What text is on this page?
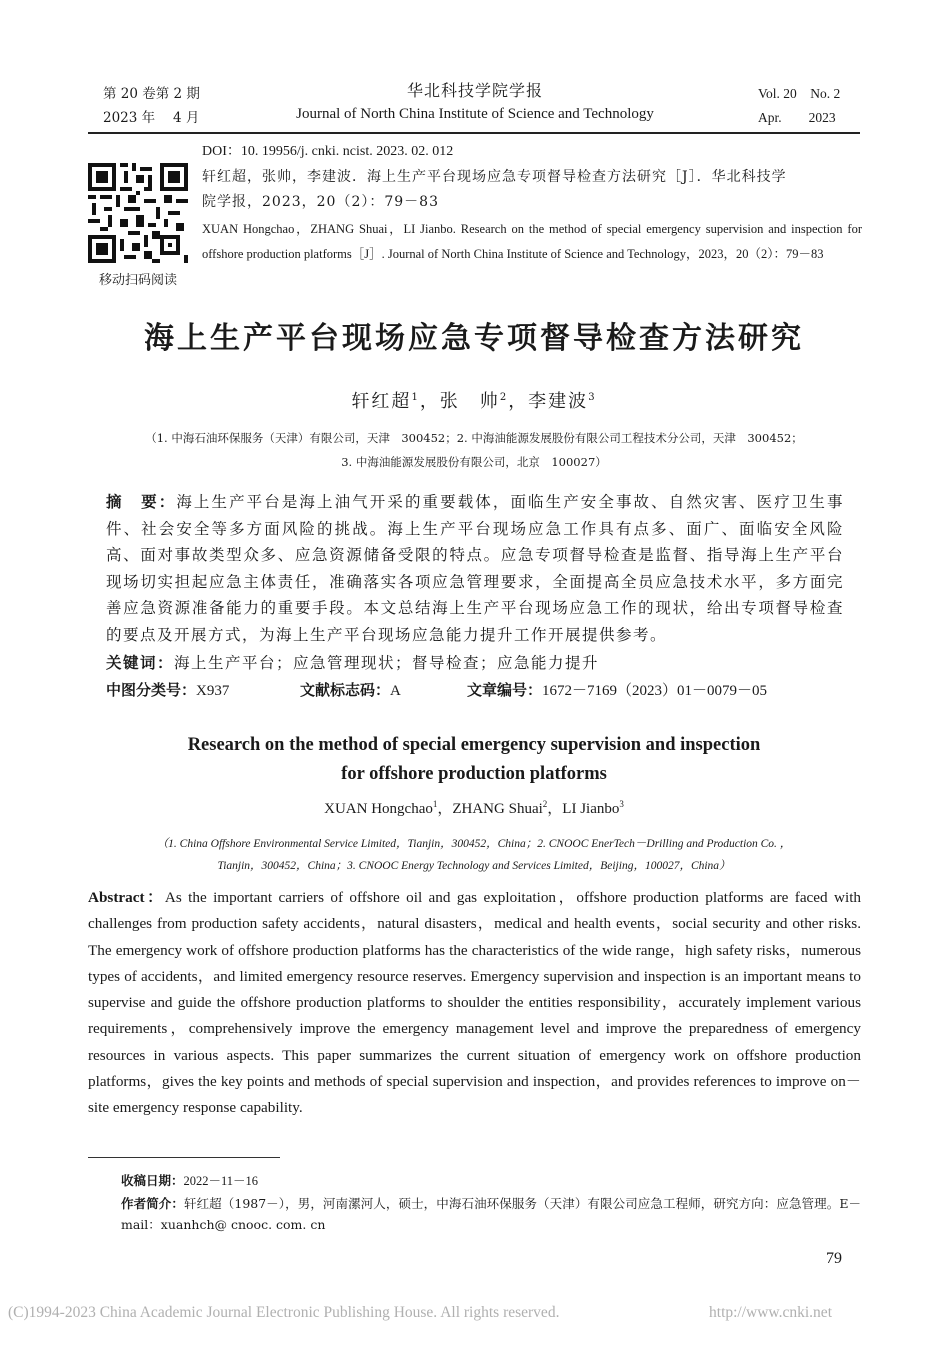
第 20 卷第 2 期
2023 年　 4 月
华北科技学院学报
Journal of North China Institute of Science and Technology
Vol. 20　No. 2
Apr.　　2023
移动扫码阅读
DOI：10. 19956/j. cnki. ncist. 2023. 02. 012
轩红超，张帅，李建波．海上生产平台现场应急专项督导检查方法研究［J］．华北科技学
院学报，2023，20（2）：79－83
XUAN Hongchao，ZHANG Shuai，LI Jianbo. Research on the method of special emergency supervision and inspection for offshore production platforms［J］. Journal of North China Institute of Science and Technology，2023，20（2）：79－83
海上生产平台现场应急专项督导检查方法研究
轩红超$^1$，张　帅$^2$，李建波$^3$
（1. 中海石油环保服务（天津）有限公司，天津　300452；2. 中海油能源发展股份有限公司工程技术分公司，天津　300452；
3. 中海油能源发展股份有限公司，北京　100027）
摘　要：海上生产平台是海上油气开采的重要载体，面临生产安全事故、自然灾害、医疗卫生事件、社会安全等多方面风险的挑战。海上生产平台现场应急工作具有点多、面广、面临安全风险高、面对事故类型众多、应急资源储备受限的特点。应急专项督导检查是监督、指导海上生产平台现场切实担起应急主体责任，准确落实各项应急管理要求，全面提高全员应急技术水平，多方面完善应急资源准备能力的重要手段。本文总结海上生产平台现场应急工作的现状，给出专项督导检查的要点及开展方式，为海上生产平台现场应急能力提升工作开展提供参考。
关键词：海上生产平台；应急管理现状；督导检查；应急能力提升
中图分类号：X937	文献标志码：A	文章编号：1672－7169（2023）01－0079－05
Research on the method of special emergency supervision and inspection
for offshore production platforms
XUAN Hongchao$^1$，ZHANG Shuai$^2$，LI Jianbo$^3$
（1. China Offshore Environmental Service Limited，Tianjin，300452，China；2. CNOOC EnerTech－Drilling and Production Co. ，
Tianjin，300452，China；3. CNOOC Energy Technology and Services Limited，Beijing，100027，China）
Abstract：As the important carriers of offshore oil and gas exploitation，offshore production platforms are faced with challenges from production safety accidents，natural disasters，medical and health events，social security and other risks. The emergency work of offshore production platforms has the characteristics of the wide range，high safety risks，numerous types of accidents，and limited emergency resource reserves. Emergency supervision and inspection is an important means to supervise and guide the offshore production platforms to shoulder the entities responsibility，accurately implement various requirements，comprehensively improve the emergency management level and improve the preparedness of emergency resources in various aspects. This paper summarizes the current situation of emergency work on offshore production platforms，gives the key points and methods of special supervision and inspection，and provides references to improve on－site emergency response capability.
收稿日期：2022－11－16
作者简介：轩红超（1987－），男，河南漯河人，硕士，中海石油环保服务（天津）有限公司应急工程师，研究方向：应急管理。E－mail：xuanhch@ cnooc. com. cn
79
(C)1994-2023 China Academic Journal Electronic Publishing House. All rights reserved.	http://www.cnki.net
